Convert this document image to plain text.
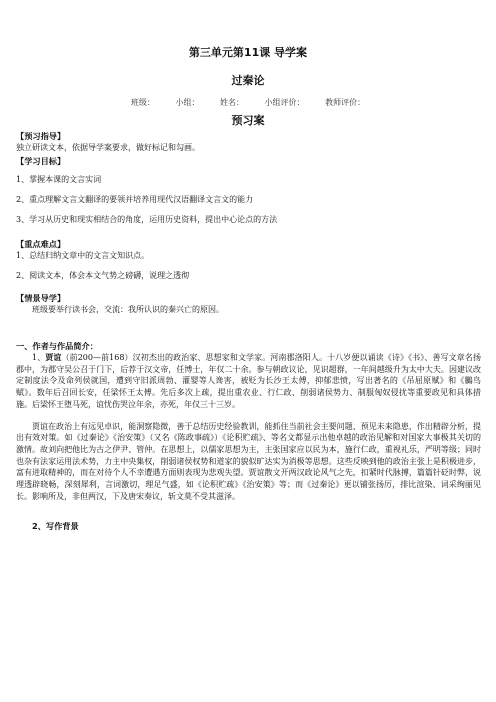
第三单元第11课 导学案
过秦论
班级：	小组：	姓名：	小组评价：	教师评价：
预习案
【预习指导】
独立研读文本，依据导学案要求，做好标记和勾画。
【学习目标】
1、掌握本课的文言实词
2、重点理解文言文翻译的要领并培养用现代汉语翻译文言文的能力
3、学习从历史和现实相结合的角度，运用历史资料，提出中心论点的方法
【重点难点】
1、总结归纳文章中的文言文知识点。
2、阅读文本，体会本文气势之磅礴，说理之透彻
【情景导学】
班级要举行读书会，交流：我所认识的秦兴亡的原因。
一、作者与作品简介：
1、贾谊（前200—前168）汉初杰出的政治家、思想家和文学家。河南郡洛阳人。十八岁便以诵读《诗》《书》、善写文章名扬郡中，为郡守吴公召于门下，后荐于汉文帝，任博士，年仅二十余。参与朝政议论，见识超群，一年间越级升为太中大夫。因建议改定制度法令及命列侯就国，遭到守旧派周勃、灌婴等人谗害，被贬为长沙王太傅，抑郁悲愤，写出著名的《吊屈原赋》和《鵩鸟赋》。数年后召回长安，任梁怀王太傅。先后多次上疏，提出重农业、行仁政、削弱诸侯势力、制服匈奴侵扰等重要政见和具体措施。后梁怀王堕马死，谊忧伤哭泣年余，亦死，年仅三十三岁。
贾谊在政治上有远见卓识，能洞察隐微，善于总结历史经验教训，能抓住当前社会主要问题、预见未来隐患，作出精辟分析，提出有效对策。如《过秦论》《治安策》（又名《陈政事疏》）《论积贮疏》、等名文都显示出他卓越的政治见解和对国家大事极其关切的激情。故刘向把他比为古之伊尹、管仲。在思想上，以儒家思想为主，主张国家应以民为本，施行仁政，重视礼乐，严明等级；同时也杂有法家运用法术势，力主中央集权，削弱诸侯权势和道家的貌似旷达实为消极等思想。这些反映到他的政治主张上是积极进步，富有进取精神的，而在对待个人不幸遭遇方面则表现为悲观失望。贾谊散文开两汉政论风气之先，扣紧时代脉搏，篇篇针砭时弊，说理透辟晓畅，深刻犀利，言词激切，理足气盛，如《论积贮疏》《治安策》等；而《过秦论》更以铺张扬厉，排比渲染、词采绚丽见长。影响所及，非但两汉，下及唐宋奏议，斩文莫不受其滋泽。
2、写作背景
